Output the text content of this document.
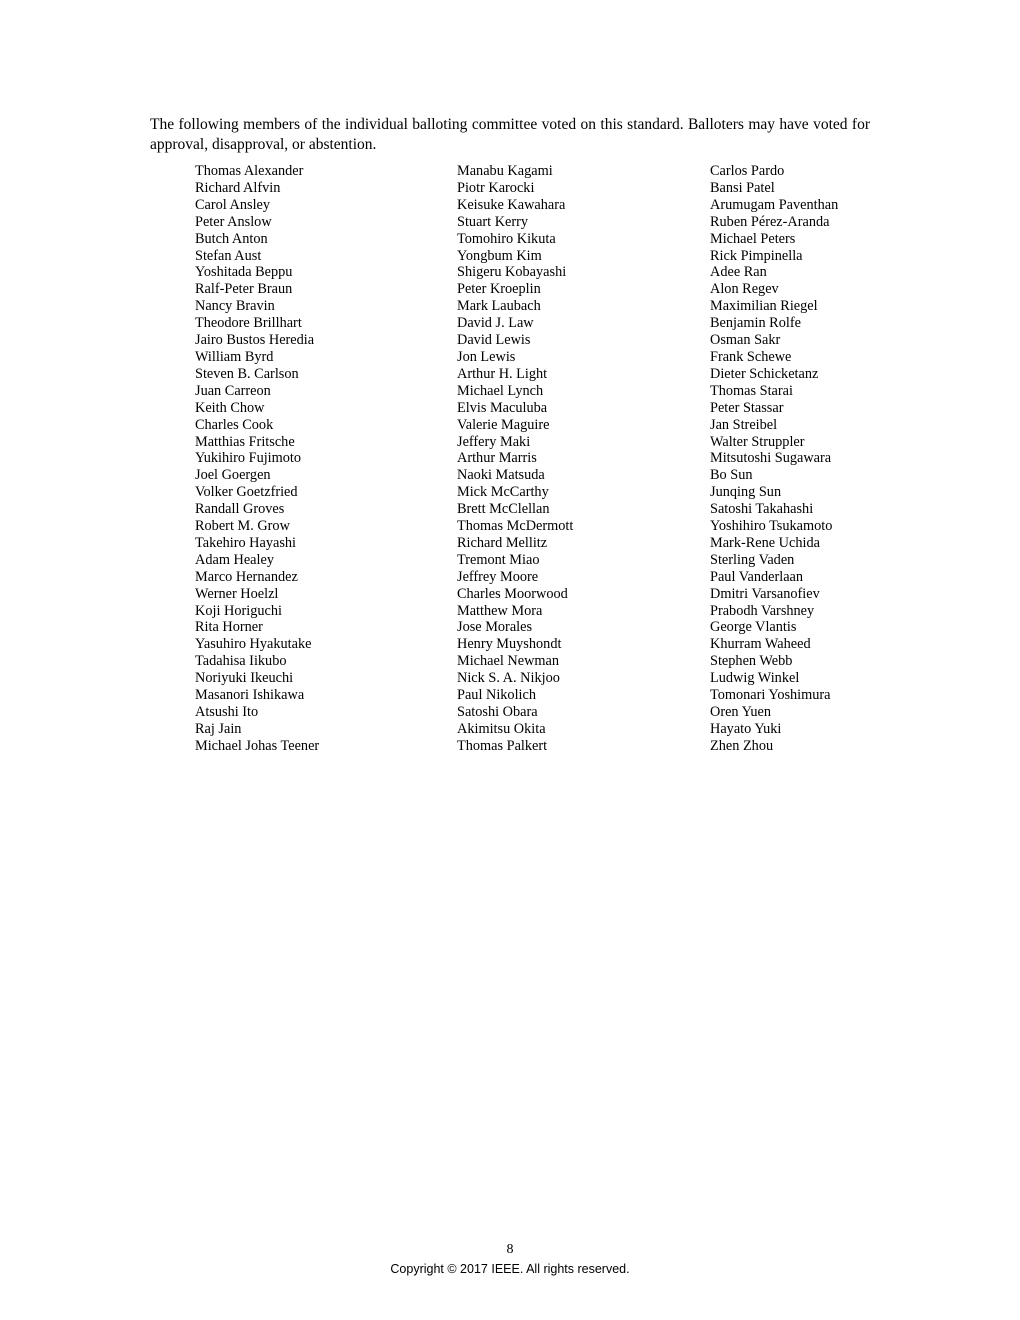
The following members of the individual balloting committee voted on this standard. Balloters may have voted for approval, disapproval, or abstention.

Thomas Alexander
Richard Alfvin
Carol Ansley
Peter Anslow
Butch Anton
Stefan Aust
Yoshitada Beppu
Ralf-Peter Braun
Nancy Bravin
Theodore Brillhart
Jairo Bustos Heredia
William Byrd
Steven B. Carlson
Juan Carreon
Keith Chow
Charles Cook
Matthias Fritsche
Yukihiro Fujimoto
Joel Goergen
Volker Goetzfried
Randall Groves
Robert M. Grow
Takehiro Hayashi
Adam Healey
Marco Hernandez
Werner Hoelzl
Koji Horiguchi
Rita Horner
Yasuhiro Hyakutake
Tadahisa Iikubo
Noriyuki Ikeuchi
Masanori Ishikawa
Atsushi Ito
Raj Jain
Michael Johas Teener
Manabu Kagami
Piotr Karocki
Keisuke Kawahara
Stuart Kerry
Tomohiro Kikuta
Yongbum Kim
Shigeru Kobayashi
Peter Kroeplin
Mark Laubach
David J. Law
David Lewis
Jon Lewis
Arthur H. Light
Michael Lynch
Elvis Maculuba
Valerie Maguire
Jeffery Maki
Arthur Marris
Naoki Matsuda
Mick McCarthy
Brett McClellan
Thomas McDermott
Richard Mellitz
Tremont Miao
Jeffrey Moore
Charles Moorwood
Matthew Mora
Jose Morales
Henry Muyshondt
Michael Newman
Nick S. A. Nikjoo
Paul Nikolich
Satoshi Obara
Akimitsu Okita
Thomas Palkert
Carlos Pardo
Bansi Patel
Arumugam Paventhan
Ruben Pérez-Aranda
Michael Peters
Rick Pimpinella
Adee Ran
Alon Regev
Maximilian Riegel
Benjamin Rolfe
Osman Sakr
Frank Schewe
Dieter Schicketanz
Thomas Starai
Peter Stassar
Jan Streibel
Walter Struppler
Mitsutoshi Sugawara
Bo Sun
Junqing Sun
Satoshi Takahashi
Yoshihiro Tsukamoto
Mark-Rene Uchida
Sterling Vaden
Paul Vanderlaan
Dmitri Varsanofiev
Prabodh Varshney
George Vlantis
Khurram Waheed
Stephen Webb
Ludwig Winkel
Tomonari Yoshimura
Oren Yuen
Hayato Yuki
Zhen Zhou

8

Copyright © 2017 IEEE. All rights reserved.
